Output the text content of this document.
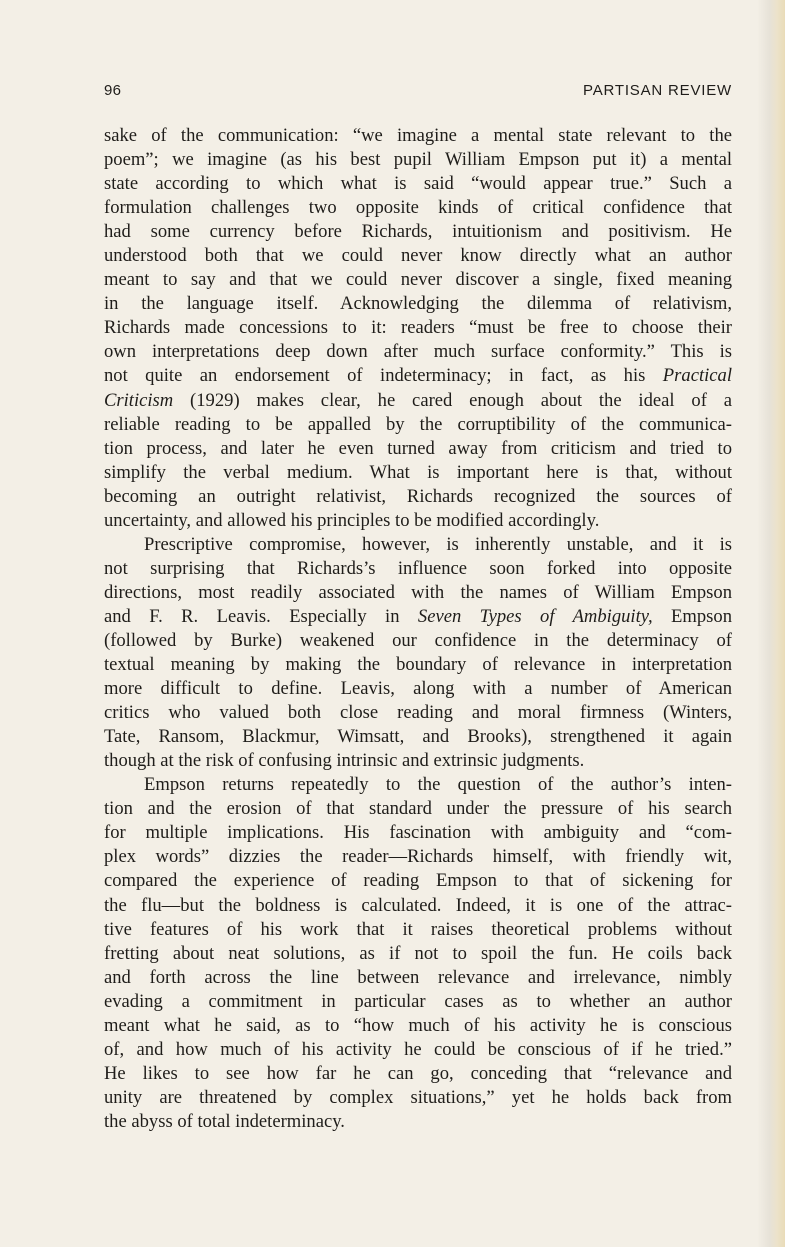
96	PARTISAN REVIEW
sake of the communication: “we imagine a mental state relevant to the
poem”; we imagine (as his best pupil William Empson put it) a mental
state according to which what is said “would appear true.” Such a
formulation challenges two opposite kinds of critical confidence that
had some currency before Richards, intuitionism and positivism. He
understood both that we could never know directly what an author
meant to say and that we could never discover a single, fixed meaning
in the language itself. Acknowledging the dilemma of relativism,
Richards made concessions to it: readers “must be free to choose their
own interpretations deep down after much surface conformity.” This is
not quite an endorsement of indeterminacy; in fact, as his Practical
Criticism (1929) makes clear, he cared enough about the ideal of a
reliable reading to be appalled by the corruptibility of the communica-
tion process, and later he even turned away from criticism and tried to
simplify the verbal medium. What is important here is that, without
becoming an outright relativist, Richards recognized the sources of
uncertainty, and allowed his principles to be modified accordingly.
Prescriptive compromise, however, is inherently unstable, and it is
not surprising that Richards’s influence soon forked into opposite
directions, most readily associated with the names of William Empson
and F. R. Leavis. Especially in Seven Types of Ambiguity, Empson
(followed by Burke) weakened our confidence in the determinacy of
textual meaning by making the boundary of relevance in interpretation
more difficult to define. Leavis, along with a number of American
critics who valued both close reading and moral firmness (Winters,
Tate, Ransom, Blackmur, Wimsatt, and Brooks), strengthened it again
though at the risk of confusing intrinsic and extrinsic judgments.
Empson returns repeatedly to the question of the author’s inten-
tion and the erosion of that standard under the pressure of his search
for multiple implications. His fascination with ambiguity and “com-
plex words” dizzies the reader—Richards himself, with friendly wit,
compared the experience of reading Empson to that of sickening for
the flu—but the boldness is calculated. Indeed, it is one of the attrac-
tive features of his work that it raises theoretical problems without
fretting about neat solutions, as if not to spoil the fun. He coils back
and forth across the line between relevance and irrelevance, nimbly
evading a commitment in particular cases as to whether an author
meant what he said, as to “how much of his activity he is conscious
of, and how much of his activity he could be conscious of if he tried.”
He likes to see how far he can go, conceding that “relevance and
unity are threatened by complex situations,” yet he holds back from
the abyss of total indeterminacy.
